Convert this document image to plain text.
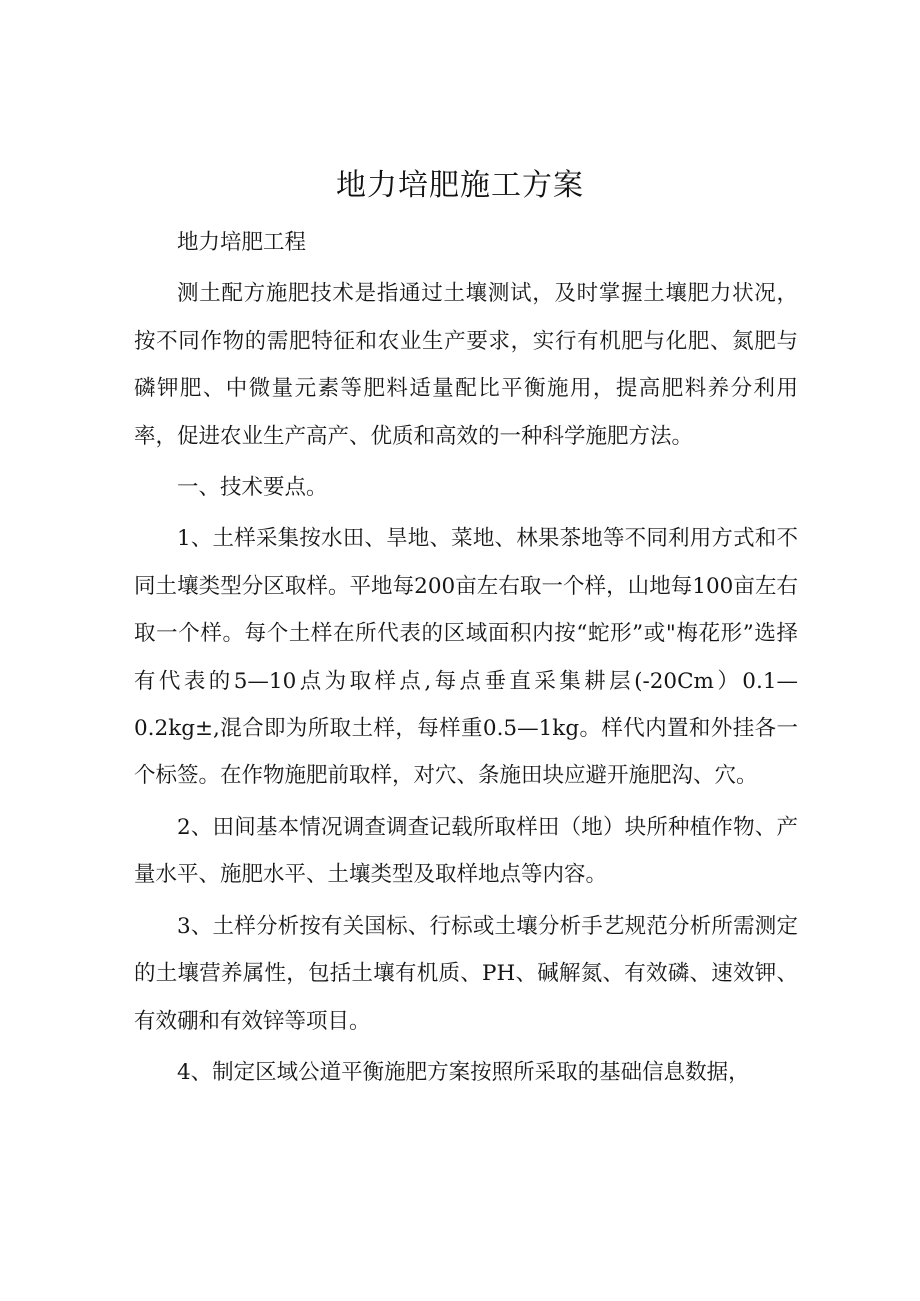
地力培肥施工方案

地力培肥工程

测土配方施肥技术是指通过土壤测试，及时掌握土壤肥力状况，按不同作物的需肥特征和农业生产要求，实行有机肥与化肥、氮肥与磷钾肥、中微量元素等肥料适量配比平衡施用，提高肥料养分利用率，促进农业生产高产、优质和高效的一种科学施肥方法。

一、技术要点。

1、土样采集按水田、旱地、菜地、林果茶地等不同利用方式和不同土壤类型分区取样。平地每200亩左右取一个样，山地每100亩左右取一个样。每个土样在所代表的区域面积内按“蛇形”或"梅花形”选择有代表的5—10点为取样点,每点垂直采集耕层(-20Cm）0.1—0.2kg±,混合即为所取土样，每样重0.5—1kg。样代内置和外挂各一个标签。在作物施肥前取样，对穴、条施田块应避开施肥沟、穴。

2、田间基本情况调查调查记载所取样田（地）块所种植作物、产量水平、施肥水平、土壤类型及取样地点等内容。

3、土样分析按有关国标、行标或土壤分析手艺规范分析所需测定的土壤营养属性，包括土壤有机质、PH、碱解氮、有效磷、速效钾、有效硼和有效锌等项目。

4、制定区域公道平衡施肥方案按照所采取的基础信息数据，
